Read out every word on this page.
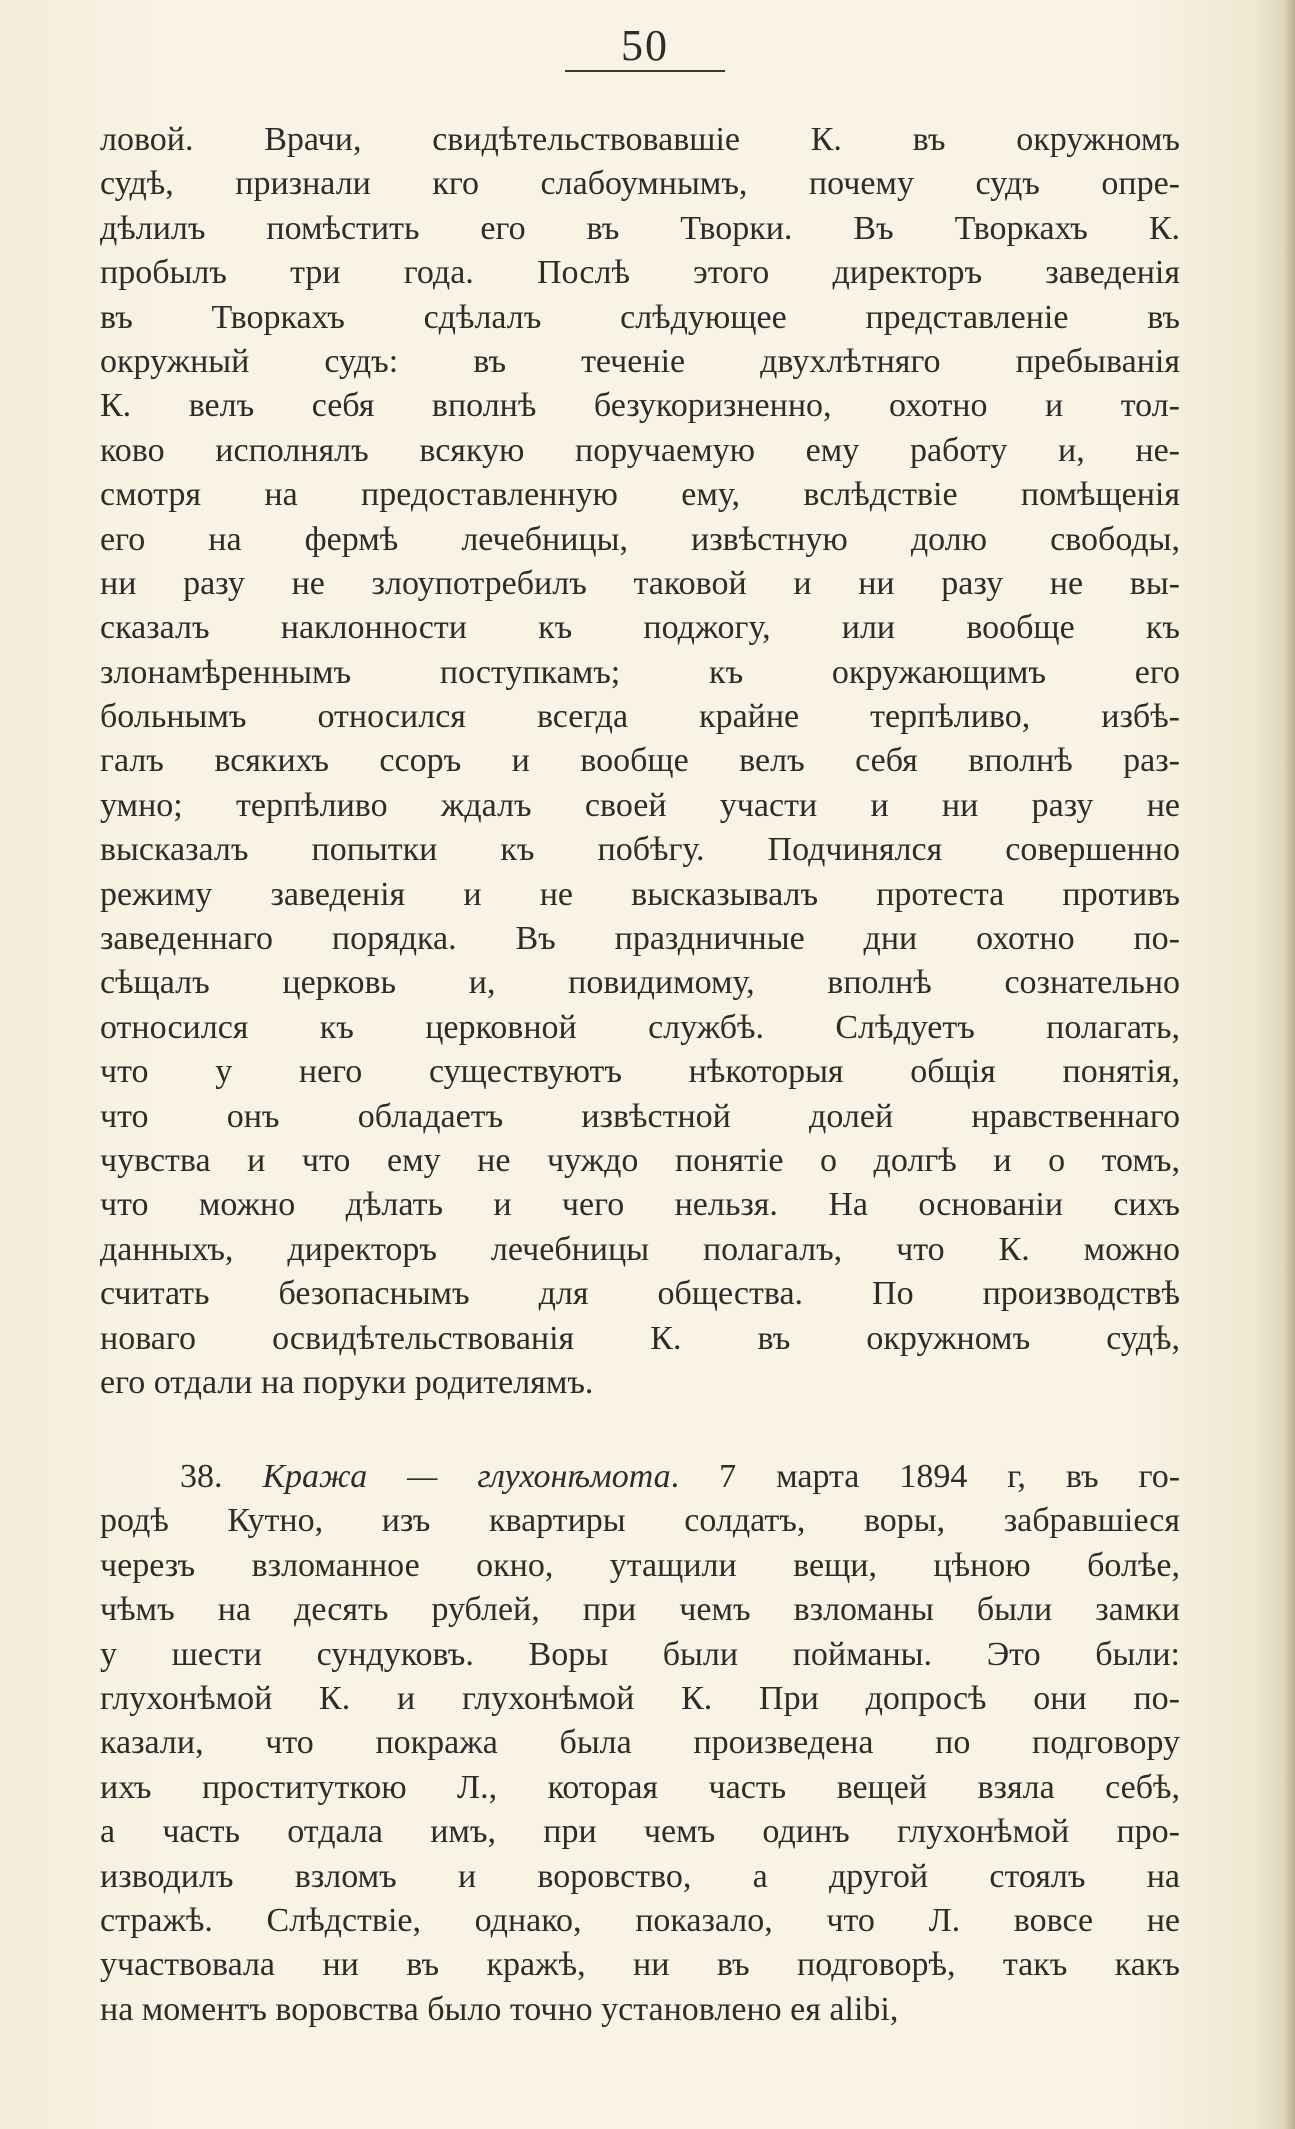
50
ловой. Врачи, свидѣтельствовавшіе К. въ окружномъ
судѣ, признали кго слабоумнымъ, почему судъ опре-
дѣлилъ помѣстить его въ Творки. Въ Творкахъ К.
пробылъ три года. Послѣ этого директоръ заведенія
въ Творкахъ сдѣлалъ слѣдующее представленіе въ
окружный судъ: въ теченіе двухлѣтняго пребыванія
К. велъ себя вполнѣ безукоризненно, охотно и тол-
ково исполнялъ всякую поручаемую ему работу и, не-
смотря на предоставленную ему, вслѣдствіе помѣщенія
его на фермѣ лечебницы, извѣстную долю свободы,
ни разу не злоупотребилъ таковой и ни разу не вы-
сказалъ наклонности къ поджогу, или вообще къ
злонамѣреннымъ поступкамъ; къ окружающимъ его
больнымъ относился всегда крайне терпѣливо, избѣ-
галъ всякихъ ссоръ и вообще велъ себя вполнѣ раз-
умно; терпѣливо ждалъ своей участи и ни разу не
высказалъ попытки къ побѣгу. Подчинялся совершенно
режиму заведенія и не высказывалъ протеста противъ
заведеннаго порядка. Въ праздничные дни охотно по-
сѣщалъ церковь и, повидимому, вполнѣ сознательно
относился къ церковной службѣ. Слѣдуетъ полагать,
что у него существуютъ нѣкоторыя общія понятія,
что онъ обладаетъ извѣстной долей нравственнаго
чувства и что ему не чуждо понятіе о долгѣ и о томъ,
что можно дѣлать и чего нельзя. На основаніи сихъ
данныхъ, директоръ лечебницы полагалъ, что К. можно
считать безопаснымъ для общества. По производствѣ
новаго освидѣтельствованія К. въ окружномъ судѣ,
его отдали на поруки родителямъ.
38. Кража — глухонѣмота. 7 марта 1894 г, въ го-
родѣ Кутно, изъ квартиры солдатъ, воры, забравшіеся
черезъ взломанное окно, утащили вещи, цѣною болѣе,
чѣмъ на десять рублей, при чемъ взломаны были замки
у шести сундуковъ. Воры были пойманы. Это были:
глухонѣмой К. и глухонѣмой К. При допросѣ они по-
казали, что покража была произведена по подговору
ихъ проституткою Л., которая часть вещей взяла себѣ,
а часть отдала имъ, при чемъ одинъ глухонѣмой про-
изводилъ взломъ и воровство, а другой стоялъ на
стражѣ. Слѣдствіе, однако, показало, что Л. вовсе не
участвовала ни въ кражѣ, ни въ подговорѣ, такъ какъ
на моментъ воровства было точно установлено ея alibi,
